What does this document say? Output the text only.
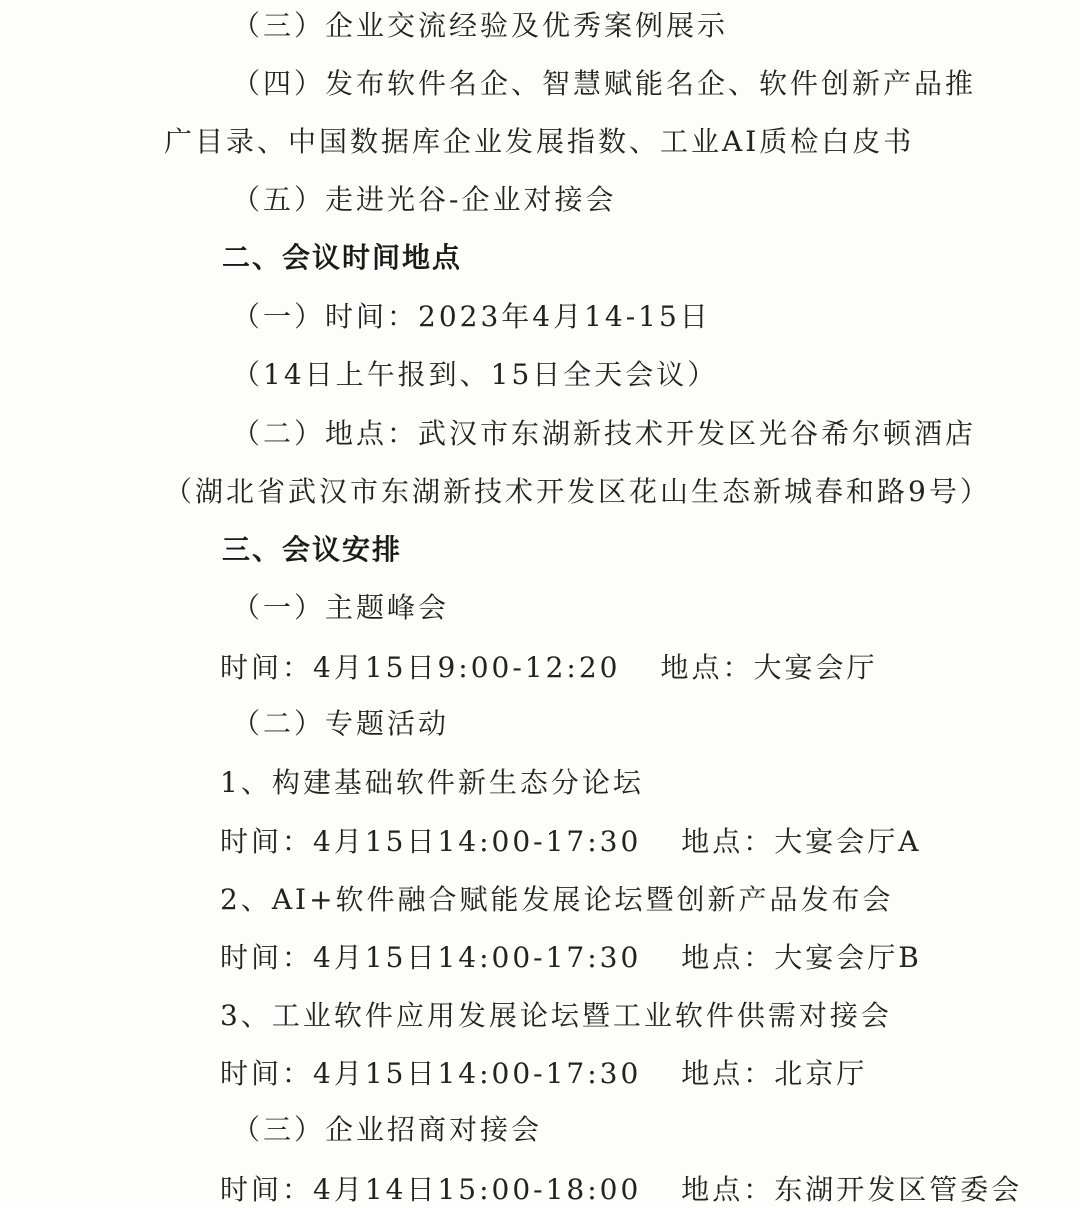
（三）企业交流经验及优秀案例展示
（四）发布软件名企、智慧赋能名企、软件创新产品推
广目录、中国数据库企业发展指数、工业AI质检白皮书
（五）走进光谷-企业对接会
二、会议时间地点
（一）时间：2023年4月14-15日
（14日上午报到、15日全天会议）
（二）地点：武汉市东湖新技术开发区光谷希尔顿酒店
（湖北省武汉市东湖新技术开发区花山生态新城春和路9号）
三、会议安排
（一）主题峰会
时间：4月15日9:00-12:20 地点：大宴会厅
（二）专题活动
1、构建基础软件新生态分论坛
时间：4月15日14:00-17:30 地点：大宴会厅A
2、AI+软件融合赋能发展论坛暨创新产品发布会
时间：4月15日14:00-17:30 地点：大宴会厅B
3、工业软件应用发展论坛暨工业软件供需对接会
时间：4月15日14:00-17:30 地点：北京厅
（三）企业招商对接会
时间：4月14日15:00-18:00 地点：东湖开发区管委会
